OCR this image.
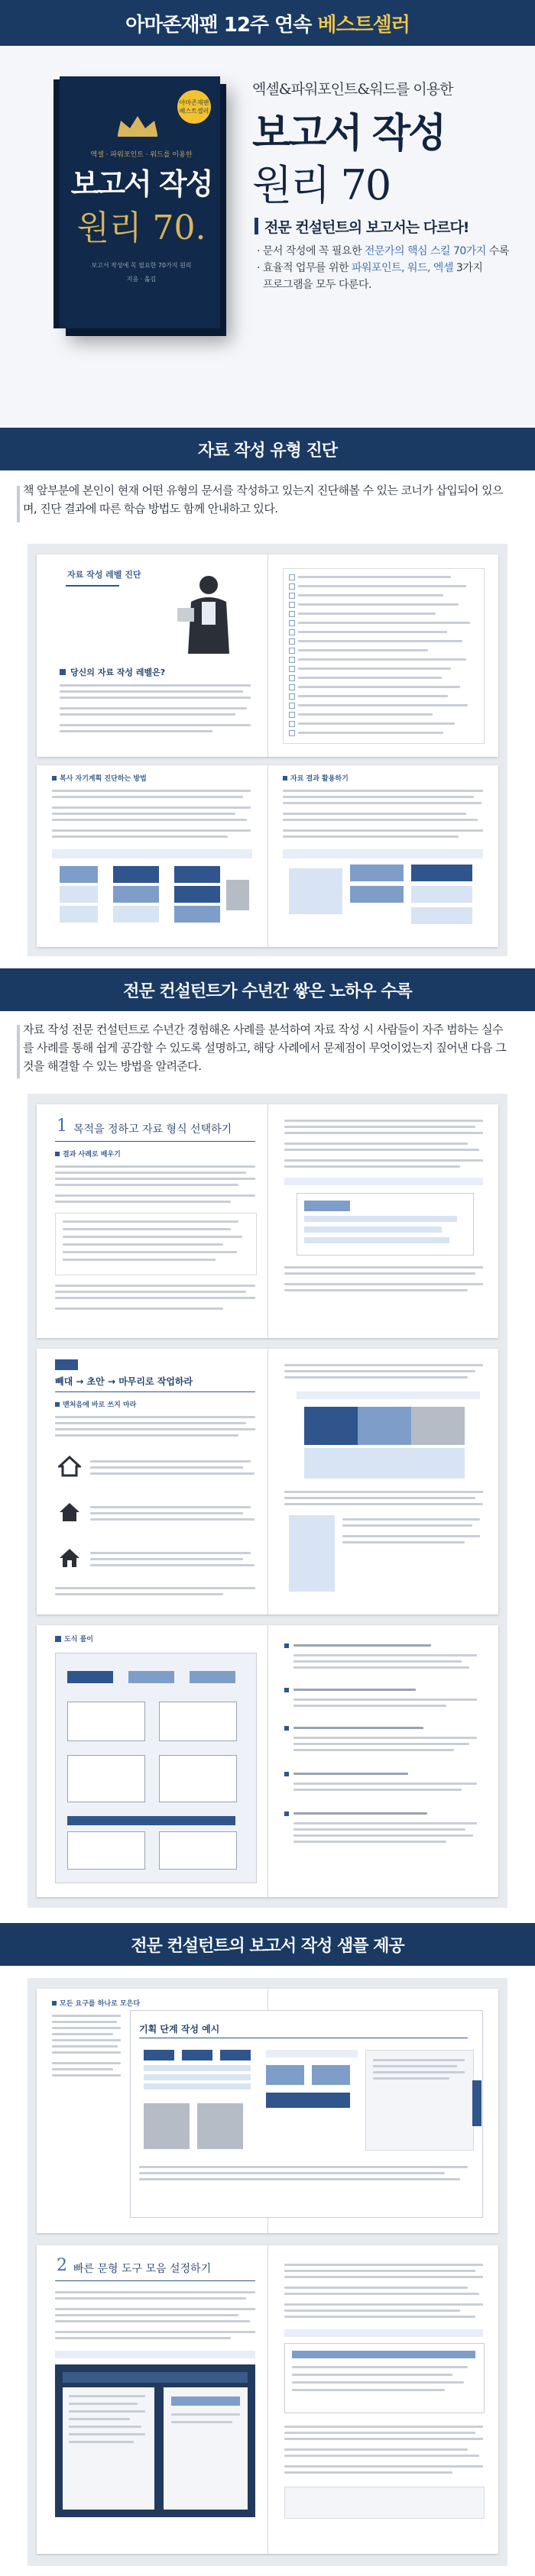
아마존재팬 12주 연속 베스트셀러
아마존재팬 베스트셀러
엑셀 · 파워포인트 · 워드를 이용한
보고서 작성
원리 70.
보고서 작성에 꼭 필요한 70가지 원리
지음 · 옮김
엑셀&파워포인트&워드를 이용한
보고서 작성
원리 70
전문 컨설턴트의 보고서는 다르다!
· 문서 작성에 꼭 필요한 전문가의 핵심 스킬 70가지 수록
· 효율적 업무를 위한 파워포인트, 워드, 엑셀 3가지
프로그램을 모두 다룬다.
자료 작성 유형 진단
책 앞부분에 본인이 현재 어떤 유형의 문서를 작성하고 있는지 진단해볼 수 있는 코너가 삽입되어 있으며, 진단 결과에 따른 학습 방법도 함께 안내하고 있다.
자료 작성 레벨 진단
당신의 자료 작성 레벨은?
복사 자기계획 진단하는 방법	자료 결과 활용하기
전문 컨설턴트가 수년간 쌓은 노하우 수록
자료 작성 전문 컨설턴트로 수년간 경험해온 사례를 분석하여 자료 작성 시 사람들이 자주 범하는 실수를 사례를 통해 쉽게 공감할 수 있도록 설명하고, 해당 사례에서 문제점이 무엇이었는지 짚어낸 다음 그것을 해결할 수 있는 방법을 알려준다.
1 목적을 정하고 자료 형식 선택하기
결과 사례로 배우기
빼대 → 초안 → 마무리로 작업하라
맨처음에 바로 쓰지 마라
도식 풀이
전문 컨설턴트의 보고서 작성 샘플 제공
모든 요구를 하나로 모은다
기획 단계 작성 예시
2 빠른 문형 도구 모음 설정하기
